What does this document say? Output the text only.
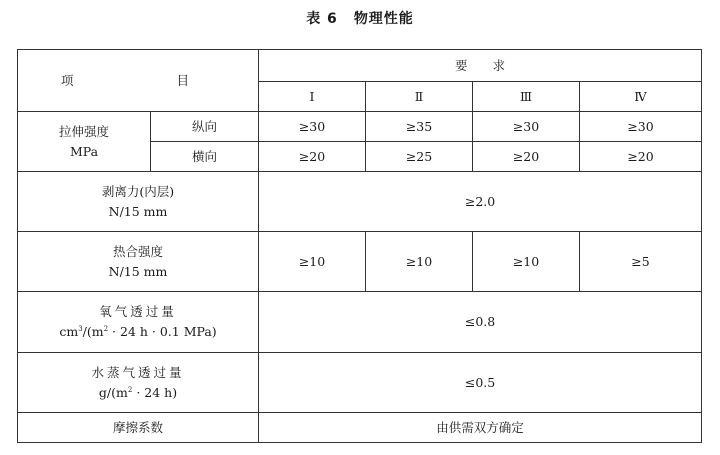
表 6 物理性能
项　　目		要　　求			
		Ⅰ	Ⅱ	Ⅲ	Ⅳ

拉伸强度
MPa	纵向	≥30	≥35	≥30	≥30
	横向	≥20	≥25	≥20	≥20

剥离力(内层)
N/15 mm		≥2.0			

热合强度
N/15 mm		≥10	≥10	≥10	≥5

氧气透过量
$cm^3/(m^2 \cdot 24$ h · 0.1 MPa)		≤0.8			

水蒸气透过量
$g/(m^2 \cdot 24$ h)		≤0.5			
摩擦系数		由供需双方确定			
